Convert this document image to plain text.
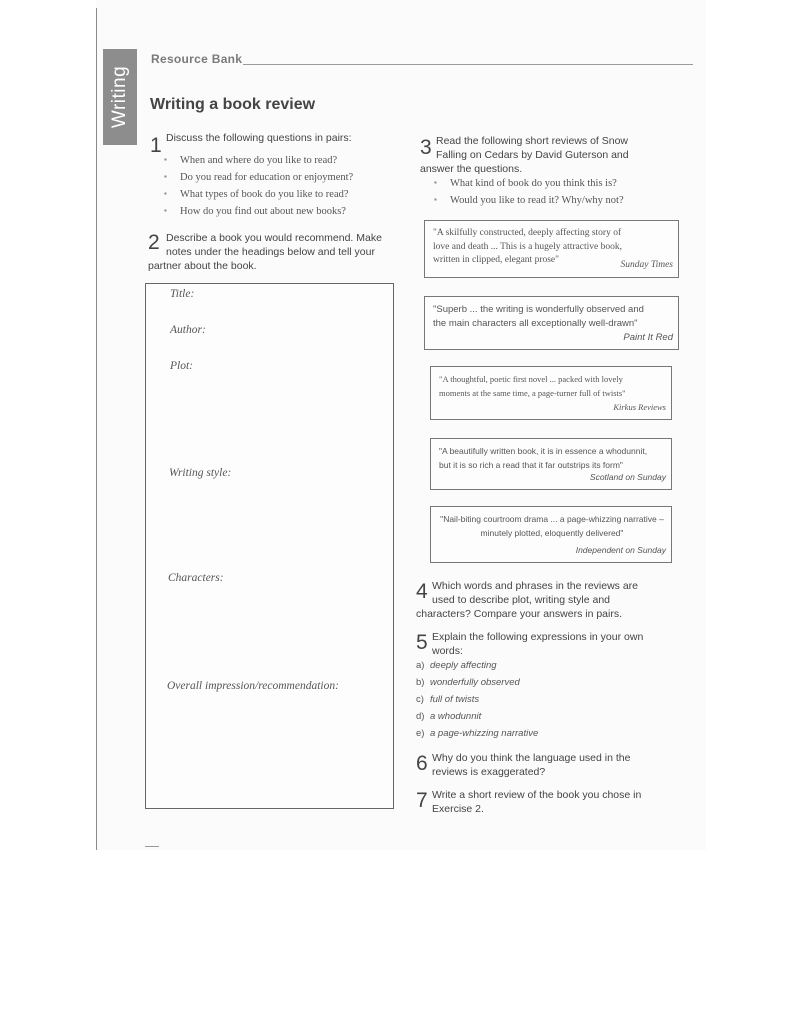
Writing
Resource Bank
Writing a book review
1 Discuss the following questions in pairs:
▪ When and where do you like to read?
▪ Do you read for education or enjoyment?
▪ What types of book do you like to read?
▪ How do you find out about new books?
2 Describe a book you would recommend. Make
notes under the headings below and tell your
partner about the book.
Title:
Author:
Plot:
Writing style:
Characters:
Overall impression/recommendation:
3 Read the following short reviews of Snow
Falling on Cedars by David Guterson and
answer the questions.
▪ What kind of book do you think this is?
▪ Would you like to read it? Why/why not?
"A skilfully constructed, deeply affecting story of
love and death ... This is a hugely attractive book,
written in clipped, elegant prose"	Sunday Times
"Superb ... the writing is wonderfully observed and
the main characters all exceptionally well-drawn"
Paint It Red
"A thoughtful, poetic first novel ... packed with lovely
moments at the same time, a page-turner full of twists"
Kirkus Reviews
"A beautifully written book, it is in essence a whodunnit,
but it is so rich a read that it far outstrips its form"
Scotland on Sunday
"Nail-biting courtroom drama ... a page-whizzing narrative –
minutely plotted, eloquently delivered"
Independent on Sunday
4 Which words and phrases in the reviews are
used to describe plot, writing style and
characters? Compare your answers in pairs.
5 Explain the following expressions in your own
words:
a) deeply affecting
b) wonderfully observed
c) full of twists
d) a whodunnit
e) a page-whizzing narrative
6 Why do you think the language used in the
reviews is exaggerated?
7 Write a short review of the book you chose in
Exercise 2.
